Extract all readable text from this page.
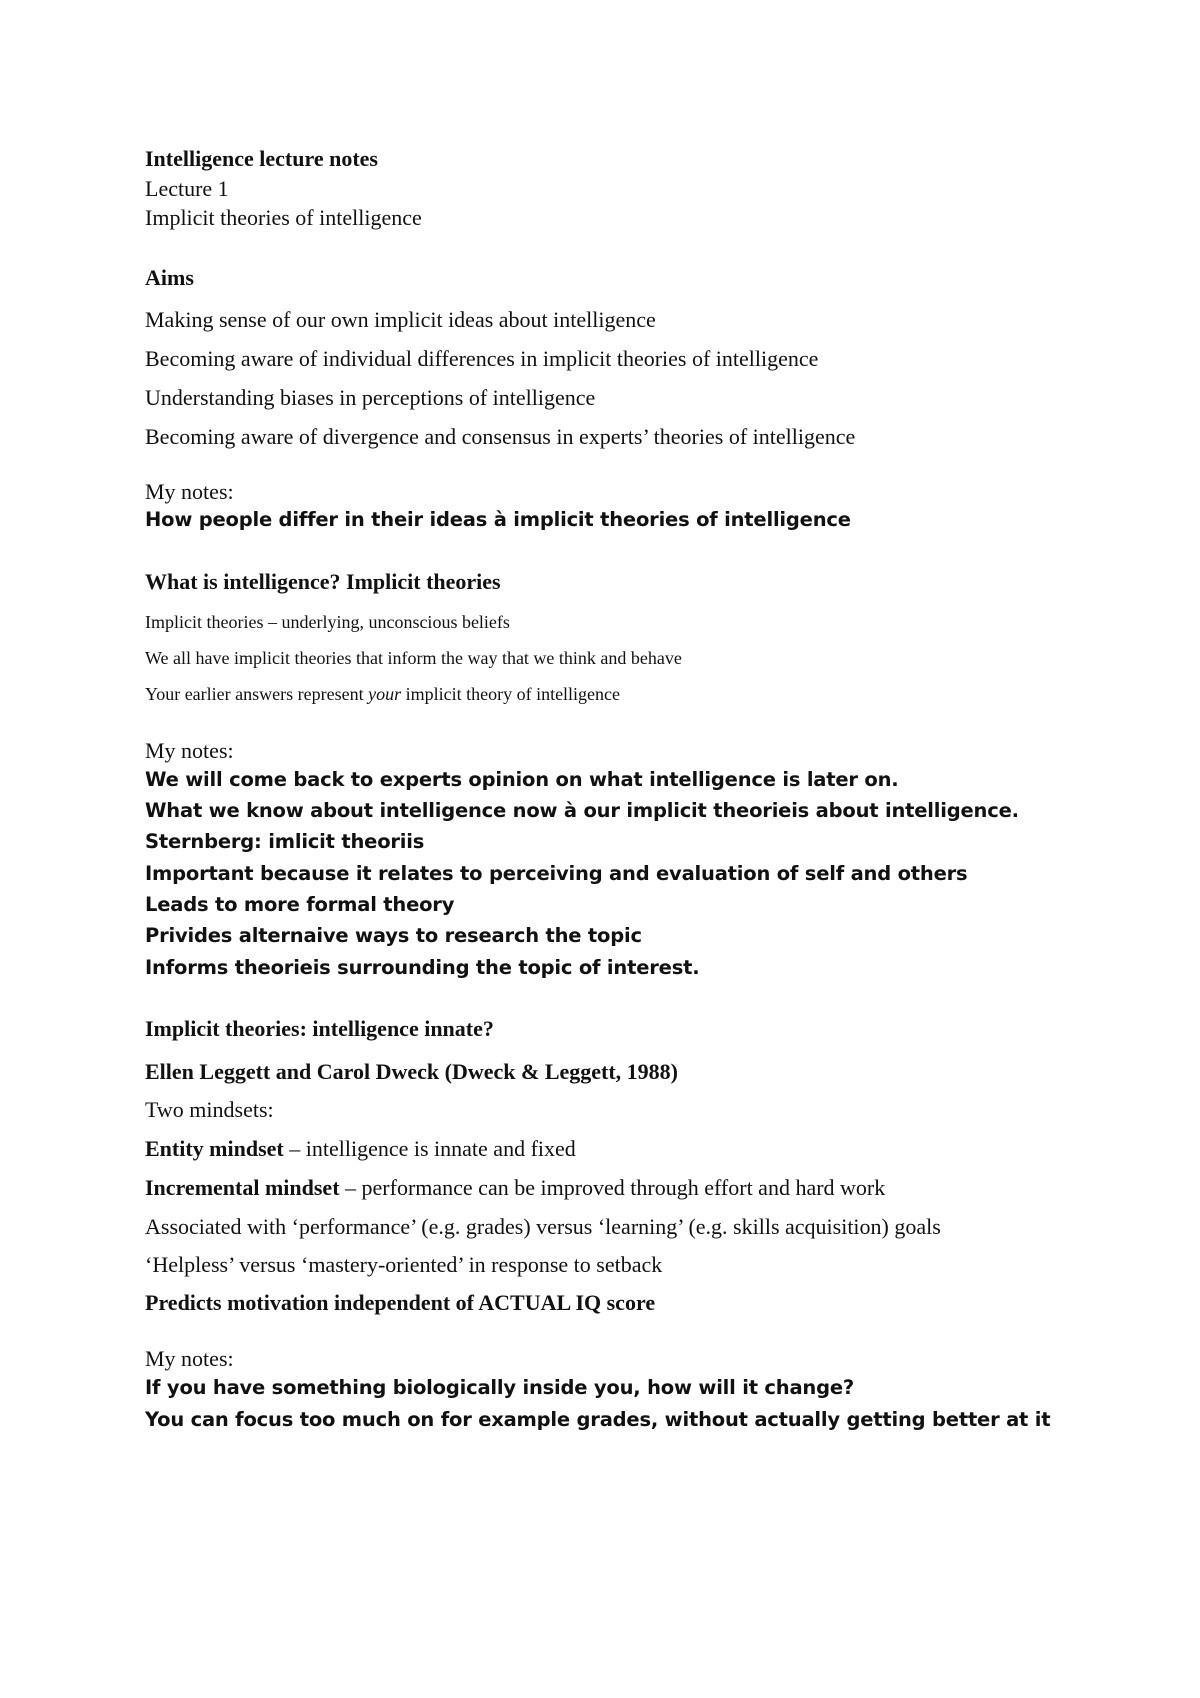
Intelligence lecture notes
Lecture 1
Implicit theories of intelligence
Aims
Making sense of our own implicit ideas about intelligence
Becoming aware of individual differences in implicit theories of intelligence
Understanding biases in perceptions of intelligence
Becoming aware of divergence and consensus in experts’ theories of intelligence
My notes:
How people differ in their ideas à implicit theories of intelligence
What is intelligence? Implicit theories
Implicit theories – underlying, unconscious beliefs
We all have implicit theories that inform the way that we think and behave
Your earlier answers represent your implicit theory of intelligence
My notes:
We will come back to experts opinion on what intelligence is later on.
What we know about intelligence now à our implicit theorieis about intelligence.
Sternberg: imlicit theoriis
Important because it relates to perceiving and evaluation of self and others
Leads to more formal theory
Privides alternaive ways to research the topic
Informs theorieis surrounding the topic of interest.
Implicit theories: intelligence innate?
Ellen Leggett and Carol Dweck (Dweck & Leggett, 1988)
Two mindsets:
Entity mindset – intelligence is innate and fixed
Incremental mindset – performance can be improved through effort and hard work
Associated with ‘performance’ (e.g. grades) versus ‘learning’ (e.g. skills acquisition) goals
‘Helpless’ versus ‘mastery-oriented’ in response to setback
Predicts motivation independent of ACTUAL IQ score
My notes:
If you have something biologically inside you, how will it change?
You can focus too much on for example grades, without actually getting better at it
